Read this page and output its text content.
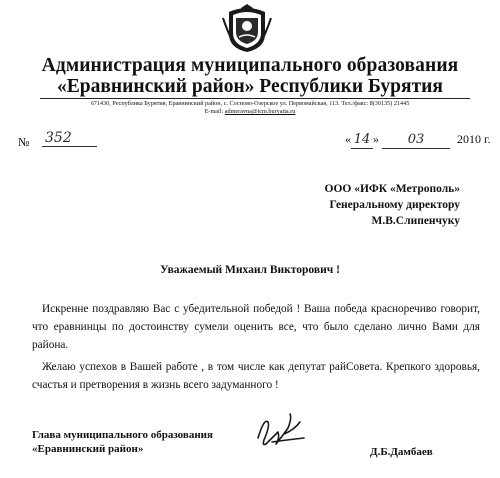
Администрация муниципального образования
«Еравнинский район» Республики Бурятия
671430, Республика Бурятия, Еравнинский район, с. Сосново-Озерское ул. Первомайская, 113. Тел./факс: 8(30135) 21445
E-mail: admeravna@icm.buryatia.ru
№ 352	« 14 » 03	2010 г.
ООО «ИФК «Метрополь»
Генеральному директору
М.В.Слипенчуку
Уважаемый Михаил Викторович !

Искренне поздравляю Вас с убедительной победой ! Ваша победа красноречиво говорит, что еравнинцы по достоинству сумели оценить все, что было сделано лично Вами для района.

Желаю успехов в Вашей работе , в том числе как депутат райСовета. Крепкого здоровья, счастья и претворения в жизнь всего задуманного !

Глава муниципального образования
«Еравнинский район»	Д.Б.Дамбаев
